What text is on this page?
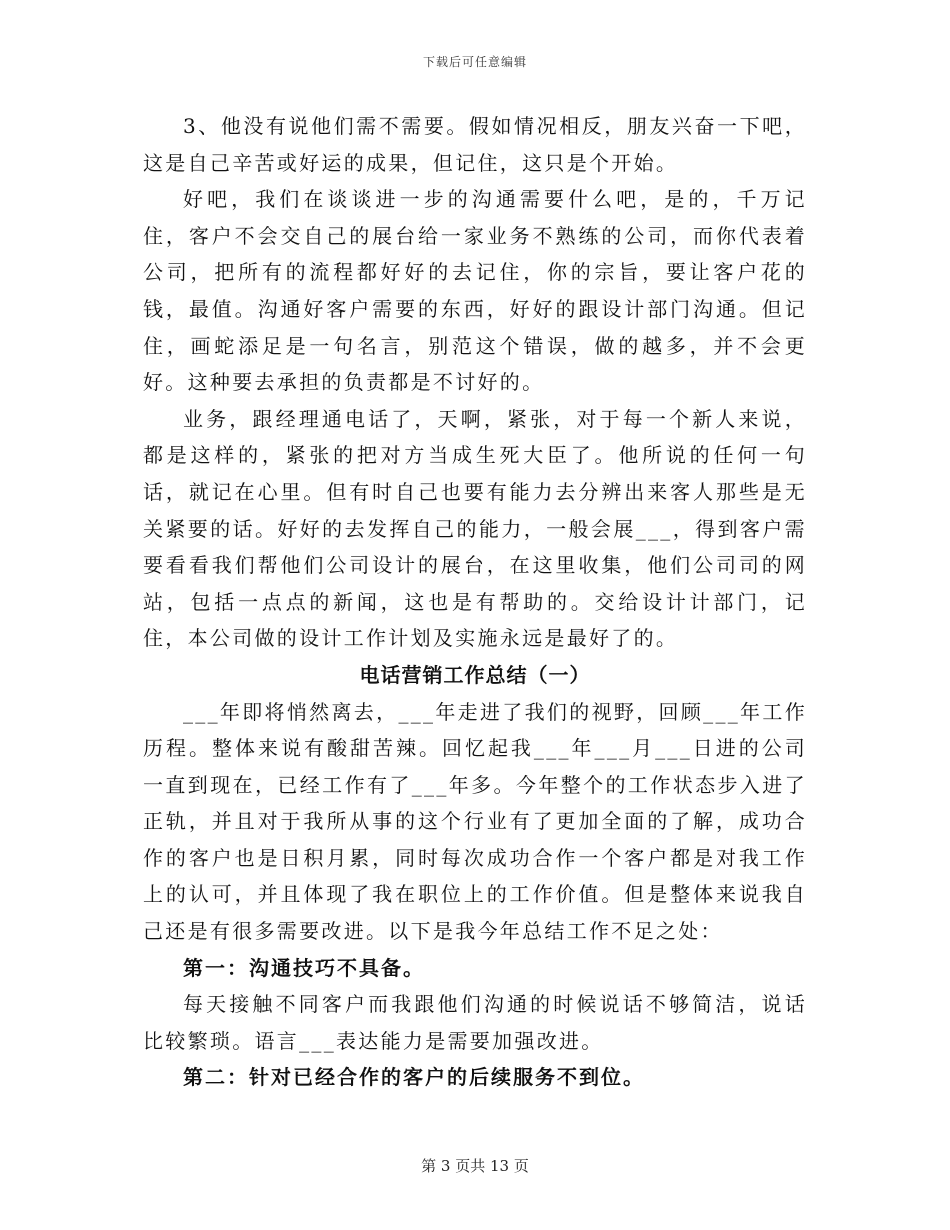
下载后可任意编辑

3、他没有说他们需不需要。假如情况相反，朋友兴奋一下吧，这是自己辛苦或好运的成果，但记住，这只是个开始。

好吧，我们在谈谈进一步的沟通需要什么吧，是的，千万记住，客户不会交自己的展台给一家业务不熟练的公司，而你代表着公司，把所有的流程都好好的去记住，你的宗旨，要让客户花的钱，最值。沟通好客户需要的东西，好好的跟设计部门沟通。但记住，画蛇添足是一句名言，别范这个错误，做的越多，并不会更好。这种要去承担的负责都是不讨好的。

业务，跟经理通电话了，天啊，紧张，对于每一个新人来说，都是这样的，紧张的把对方当成生死大臣了。他所说的任何一句话，就记在心里。但有时自己也要有能力去分辨出来客人那些是无关紧要的话。好好的去发挥自己的能力，一般会展___，得到客户需要看看我们帮他们公司设计的展台，在这里收集，他们公司司的网站，包括一点点的新闻，这也是有帮助的。交给设计计部门，记住，本公司做的设计工作计划及实施永远是最好了的。

电话营销工作总结（一）

___年即将悄然离去，___年走进了我们的视野，回顾___年工作历程。整体来说有酸甜苦辣。回忆起我___年___月___日进的公司一直到现在，已经工作有了___年多。今年整个的工作状态步入进了正轨，并且对于我所从事的这个行业有了更加全面的了解，成功合作的客户也是日积月累，同时每次成功合作一个客户都是对我工作上的认可，并且体现了我在职位上的工作价值。但是整体来说我自己还是有很多需要改进。以下是我今年总结工作不足之处：

第一：沟通技巧不具备。

每天接触不同客户而我跟他们沟通的时候说话不够简洁，说话比较繁琐。语言___表达能力是需要加强改进。

第二：针对已经合作的客户的后续服务不到位。

第 3 页共 13 页
